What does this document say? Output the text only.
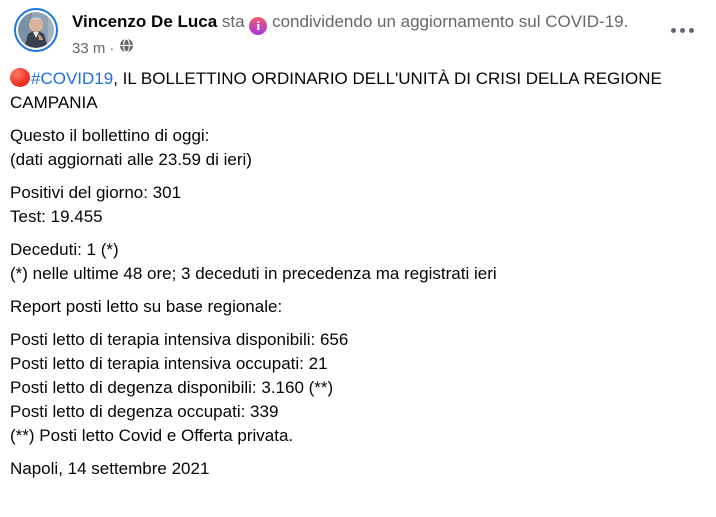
Vincenzo De Luca sta i condividendo un aggiornamento sul COVID-19.
33 m ·

#COVID19, IL BOLLETTINO ORDINARIO DELL'UNITÀ DI CRISI DELLA REGIONE CAMPANIA

Questo il bollettino di oggi:
(dati aggiornati alle 23.59 di ieri)

Positivi del giorno: 301
Test: 19.455

Deceduti: 1 (*)
(*) nelle ultime 48 ore; 3 deceduti in precedenza ma registrati ieri

Report posti letto su base regionale:

Posti letto di terapia intensiva disponibili: 656
Posti letto di terapia intensiva occupati: 21
Posti letto di degenza disponibili: 3.160 (**)
Posti letto di degenza occupati: 339
(**) Posti letto Covid e Offerta privata.

Napoli, 14 settembre 2021
